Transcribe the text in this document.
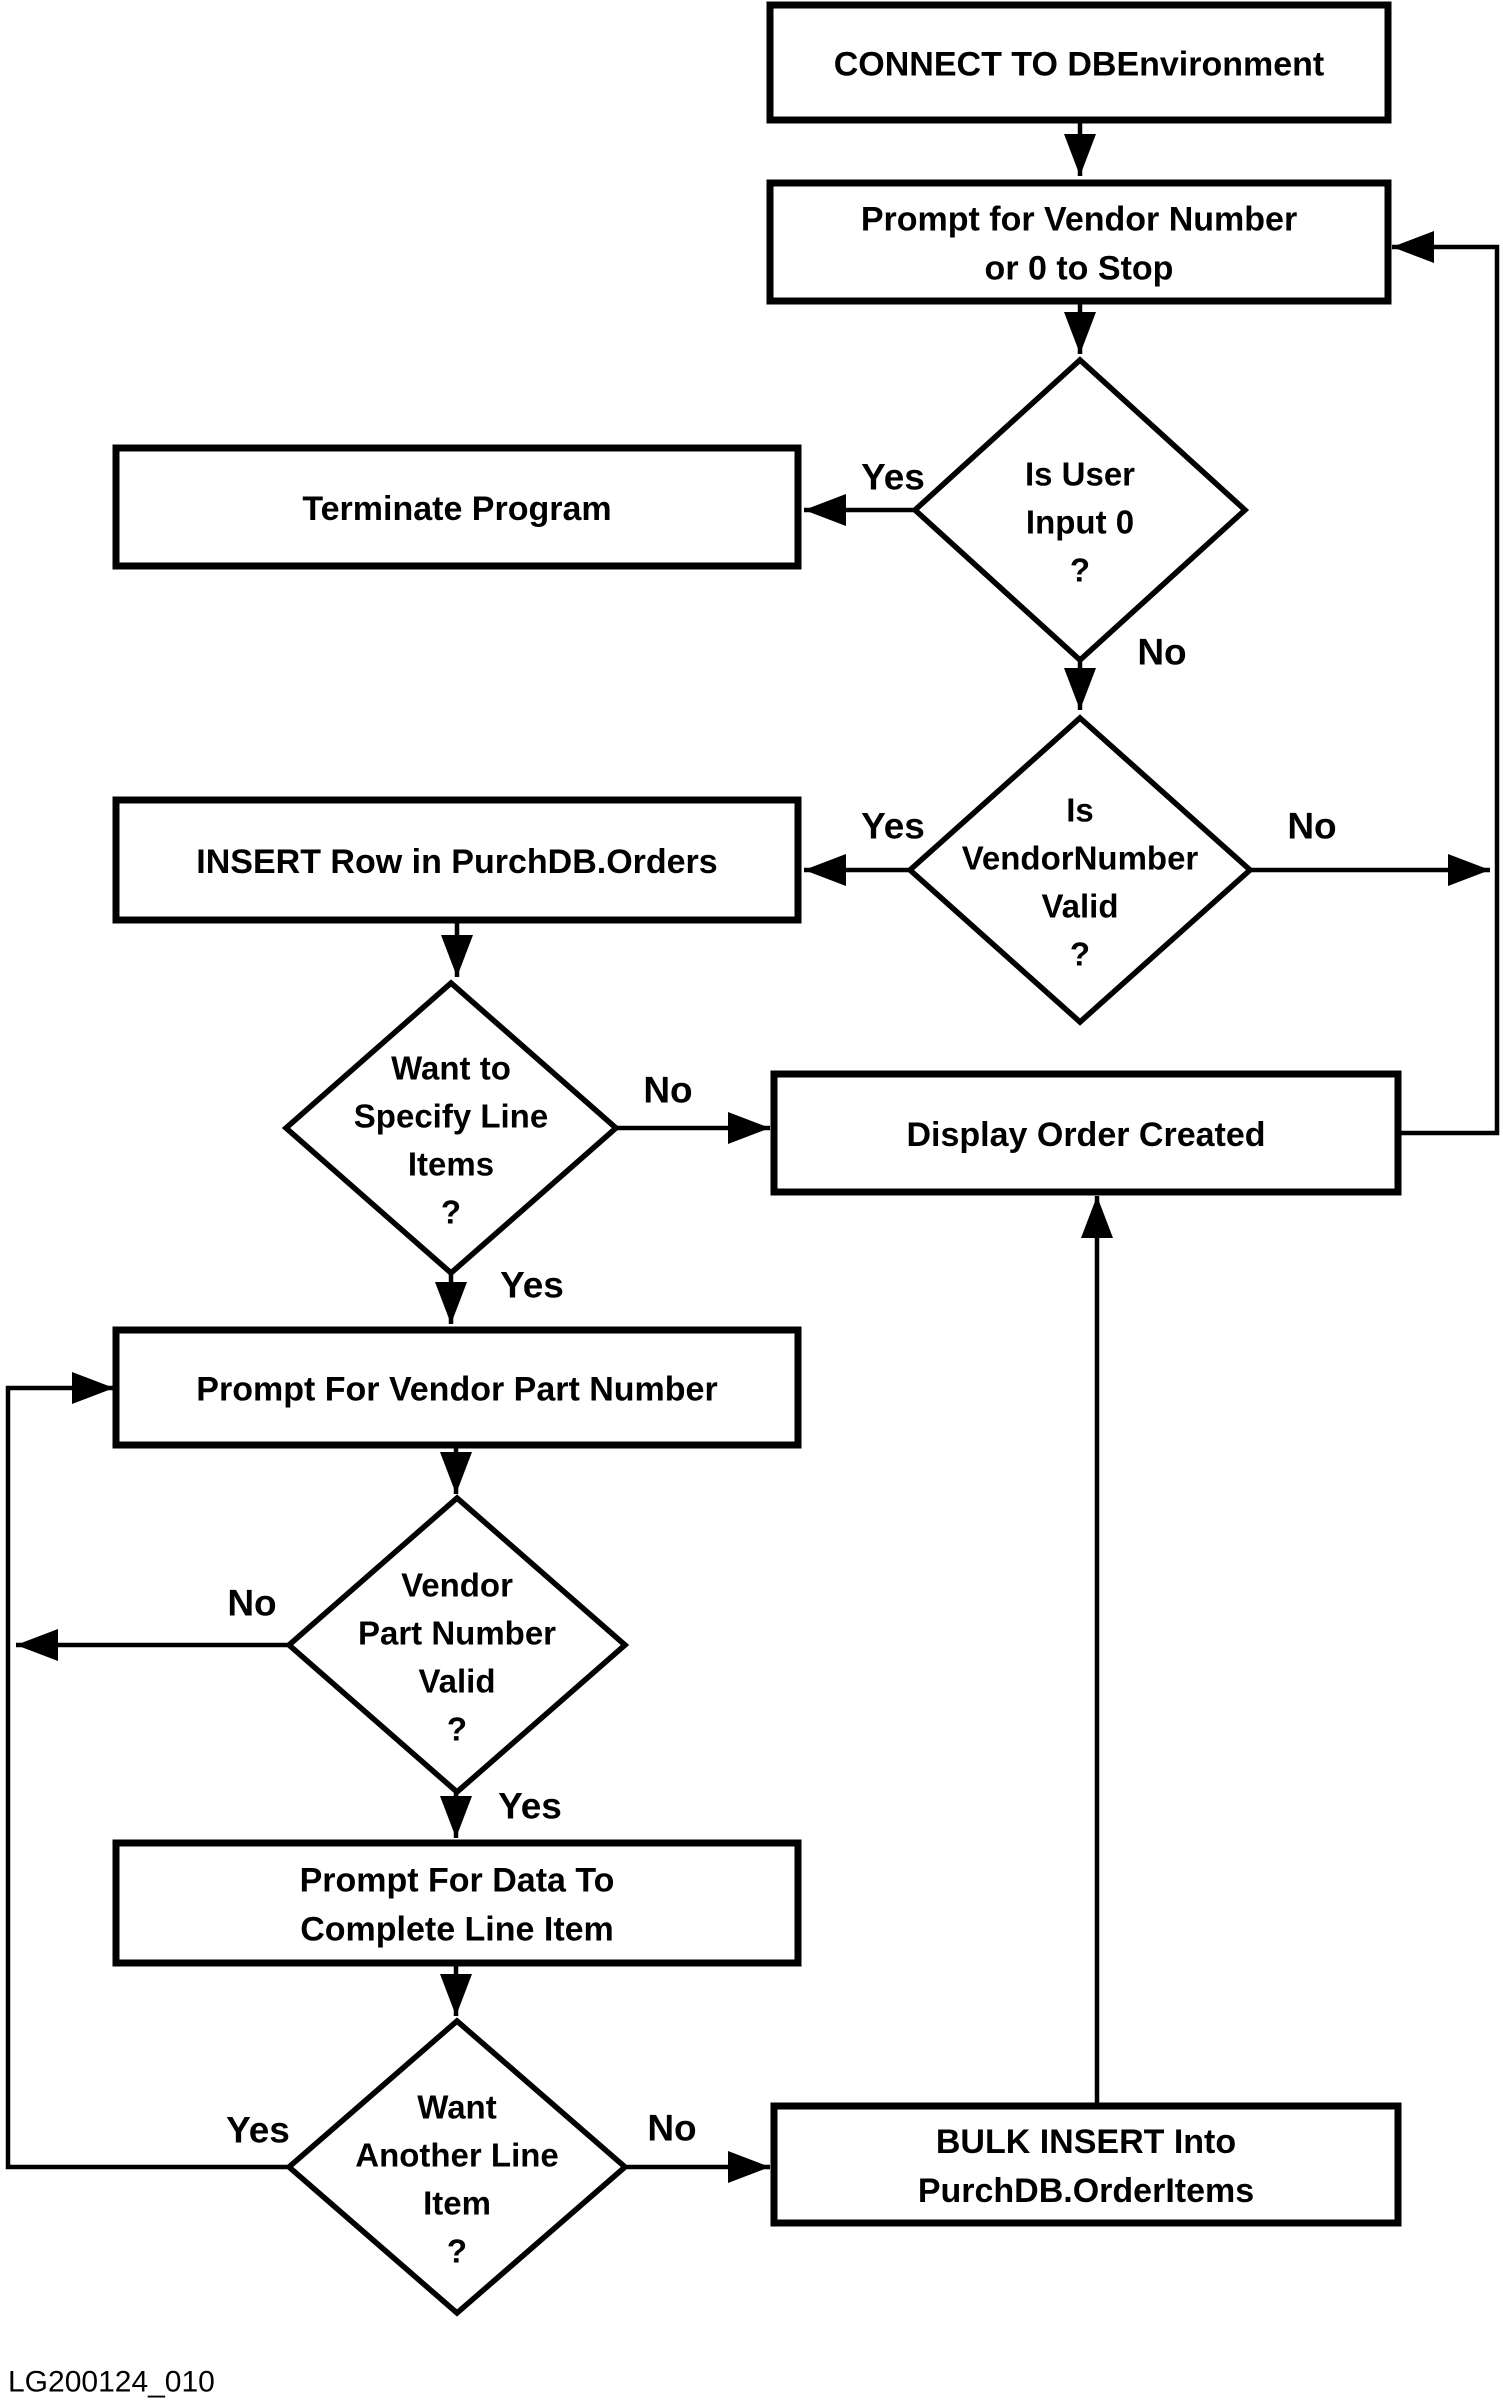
LG200124_010
CONNECT TO DBEnvironment
Prompt for Vendor Number
or 0 to Stop
Is User
Input 0
?
Terminate Program
Is
VendorNumber
Valid
?
INSERT Row in PurchDB.Orders
Want to
Specify Line
Items
?
Display Order Created
Prompt For Vendor Part Number
Vendor
Part Number
Valid
?
Prompt For Data To
Complete Line Item
Want
Another Line
Item
?
BULK INSERT Into
PurchDB.OrderItems
Yes
No
Yes	No
No
Yes
No
Yes
No
Yes
